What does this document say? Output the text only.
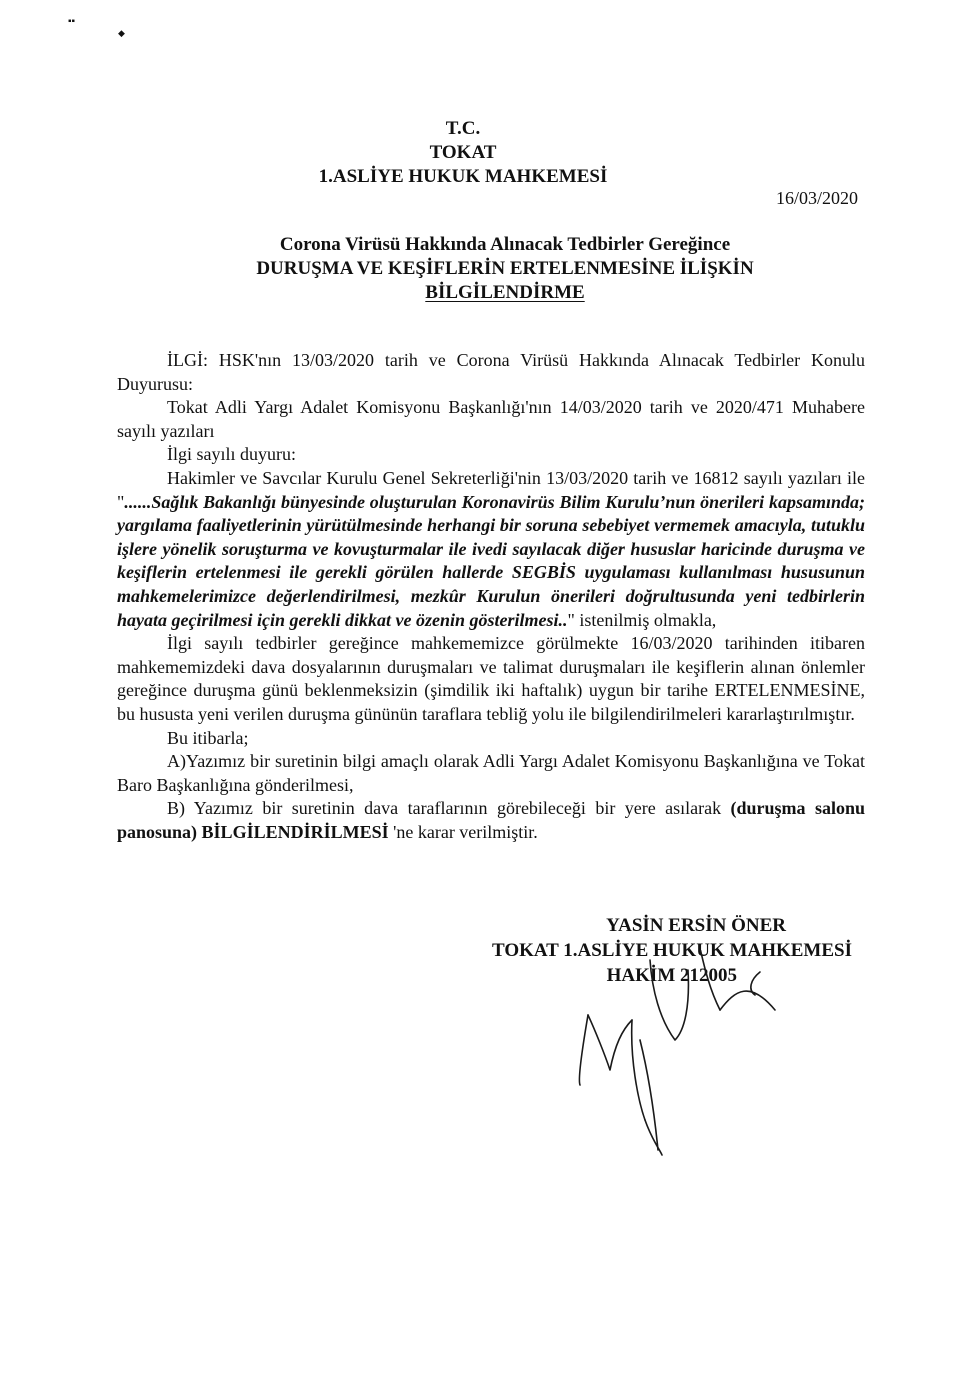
▪▪
◆
T.C.
TOKAT
1.ASLİYE HUKUK MAHKEMESİ
16/03/2020
Corona Virüsü Hakkında Alınacak Tedbirler Gereğince
DURUŞMA VE KEŞİFLERİN ERTELENMESİNE İLİŞKİN
BİLGİLENDİRME

İLGİ: HSK'nın 13/03/2020 tarih ve Corona Virüsü Hakkında Alınacak Tedbirler Konulu Duyurusu:

Tokat Adli Yargı Adalet Komisyonu Başkanlığı'nın 14/03/2020 tarih ve 2020/471 Muhabere sayılı yazıları

İlgi sayılı duyuru:

Hakimler ve Savcılar Kurulu Genel Sekreterliği'nin 13/03/2020 tarih ve 16812 sayılı yazıları ile "......Sağlık Bakanlığı bünyesinde oluşturulan Koronavirüs Bilim Kurulu’nun önerileri kapsamında; yargılama faaliyetlerinin yürütülmesinde herhangi bir soruna sebebiyet vermemek amacıyla, tutuklu işlere yönelik soruşturma ve kovuşturmalar ile ivedi sayılacak diğer hususlar haricinde duruşma ve keşiflerin ertelenmesi ile gerekli görülen hallerde SEGBİS uygulaması kullanılması hususunun mahkemelerimizce değerlendirilmesi, mezkûr Kurulun önerileri doğrultusunda yeni tedbirlerin hayata geçirilmesi için gerekli dikkat ve özenin gösterilmesi.." istenilmiş olmakla,

İlgi sayılı tedbirler gereğince mahkememizce görülmekte 16/03/2020 tarihinden itibaren mahkememizdeki dava dosyalarının duruşmaları ve talimat duruşmaları ile keşiflerin alınan önlemler gereğince duruşma günü beklenmeksizin (şimdilik iki haftalık) uygun bir tarihe ERTELENMESİNE, bu hususta yeni verilen duruşma gününün taraflara tebliğ yolu ile bilgilendirilmeleri kararlaştırılmıştır.

Bu itibarla;

A)Yazımız bir suretinin bilgi amaçlı olarak Adli Yargı Adalet Komisyonu Başkanlığına ve Tokat Baro Başkanlığına gönderilmesi,

B) Yazımız bir suretinin dava taraflarının görebileceği bir yere asılarak (duruşma salonu panosuna) BİLGİLENDİRİLMESİ 'ne karar verilmiştir.

YASİN ERSİN ÖNER
TOKAT 1.ASLİYE HUKUK MAHKEMESİ
HAKİM 212005
